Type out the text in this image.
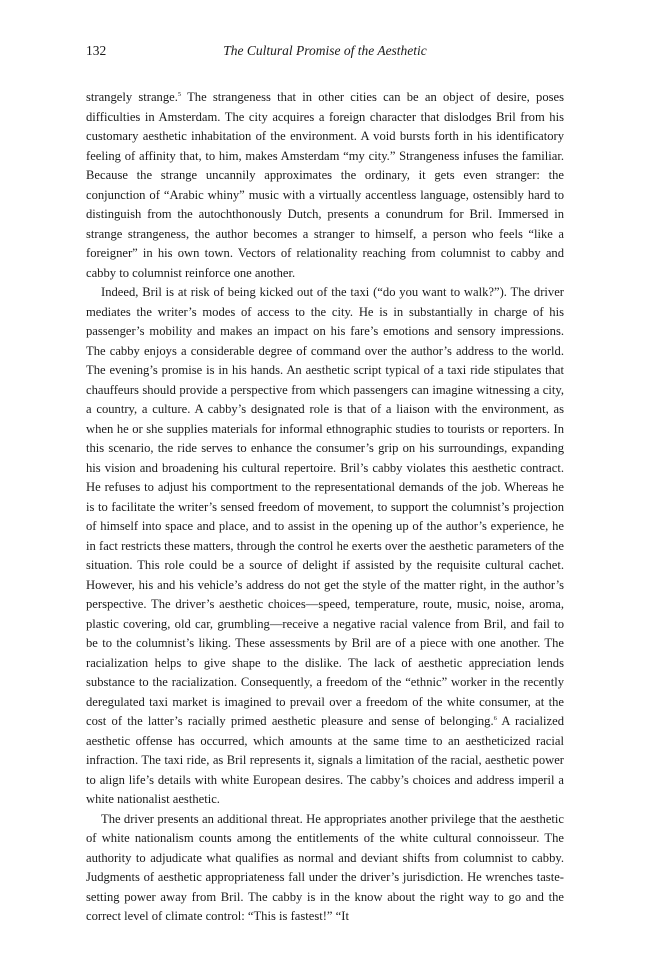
132	The Cultural Promise of the Aesthetic

strangely strange.$^5$ The strangeness that in other cities can be an object of desire, poses difficulties in Amsterdam. The city acquires a foreign character that dislodges Bril from his customary aesthetic inhabitation of the environment. A void bursts forth in his identificatory feeling of affinity that, to him, makes Amsterdam “my city.” Strangeness infuses the familiar. Because the strange uncannily approximates the ordinary, it gets even stranger: the conjunction of “Arabic whiny” music with a virtually accentless language, ostensibly hard to distinguish from the autochthonously Dutch, presents a conundrum for Bril. Immersed in strange strangeness, the author becomes a stranger to himself, a person who feels “like a foreigner” in his own town. Vectors of relationality reaching from columnist to cabby and cabby to columnist reinforce one another.

Indeed, Bril is at risk of being kicked out of the taxi (“do you want to walk?”). The driver mediates the writer’s modes of access to the city. He is in substantially in charge of his passenger’s mobility and makes an impact on his fare’s emotions and sensory impressions. The cabby enjoys a considerable degree of command over the author’s address to the world. The evening’s promise is in his hands. An aesthetic script typical of a taxi ride stipulates that chauffeurs should provide a perspective from which passengers can imagine witnessing a city, a country, a culture. A cabby’s designated role is that of a liaison with the environment, as when he or she supplies materials for informal ethnographic studies to tourists or reporters. In this scenario, the ride serves to enhance the consumer’s grip on his surroundings, expanding his vision and broadening his cultural repertoire. Bril’s cabby violates this aesthetic contract. He refuses to adjust his comportment to the representational demands of the job. Whereas he is to facilitate the writer’s sensed freedom of movement, to support the columnist’s projection of himself into space and place, and to assist in the opening up of the author’s experience, he in fact restricts these matters, through the control he exerts over the aesthetic parameters of the situation. This role could be a source of delight if assisted by the requisite cultural cachet. However, his and his vehicle’s address do not get the style of the matter right, in the author’s perspective. The driver’s aesthetic choices—speed, temperature, route, music, noise, aroma, plastic covering, old car, grumbling—receive a negative racial valence from Bril, and fail to be to the columnist’s liking. These assessments by Bril are of a piece with one another. The racialization helps to give shape to the dislike. The lack of aesthetic appreciation lends substance to the racialization. Consequently, a freedom of the “ethnic” worker in the recently deregulated taxi market is imagined to prevail over a freedom of the white consumer, at the cost of the latter’s racially primed aesthetic pleasure and sense of belonging.$^6$ A racialized aesthetic offense has occurred, which amounts at the same time to an aestheticized racial infraction. The taxi ride, as Bril represents it, signals a limitation of the racial, aesthetic power to align life’s details with white European desires. The cabby’s choices and address imperil a white nationalist aesthetic.

The driver presents an additional threat. He appropriates another privilege that the aesthetic of white nationalism counts among the entitlements of the white cultural connoisseur. The authority to adjudicate what qualifies as normal and deviant shifts from columnist to cabby. Judgments of aesthetic appropriateness fall under the driver’s jurisdiction. He wrenches taste-setting power away from Bril. The cabby is in the know about the right way to go and the correct level of climate control: “This is fastest!” “It
